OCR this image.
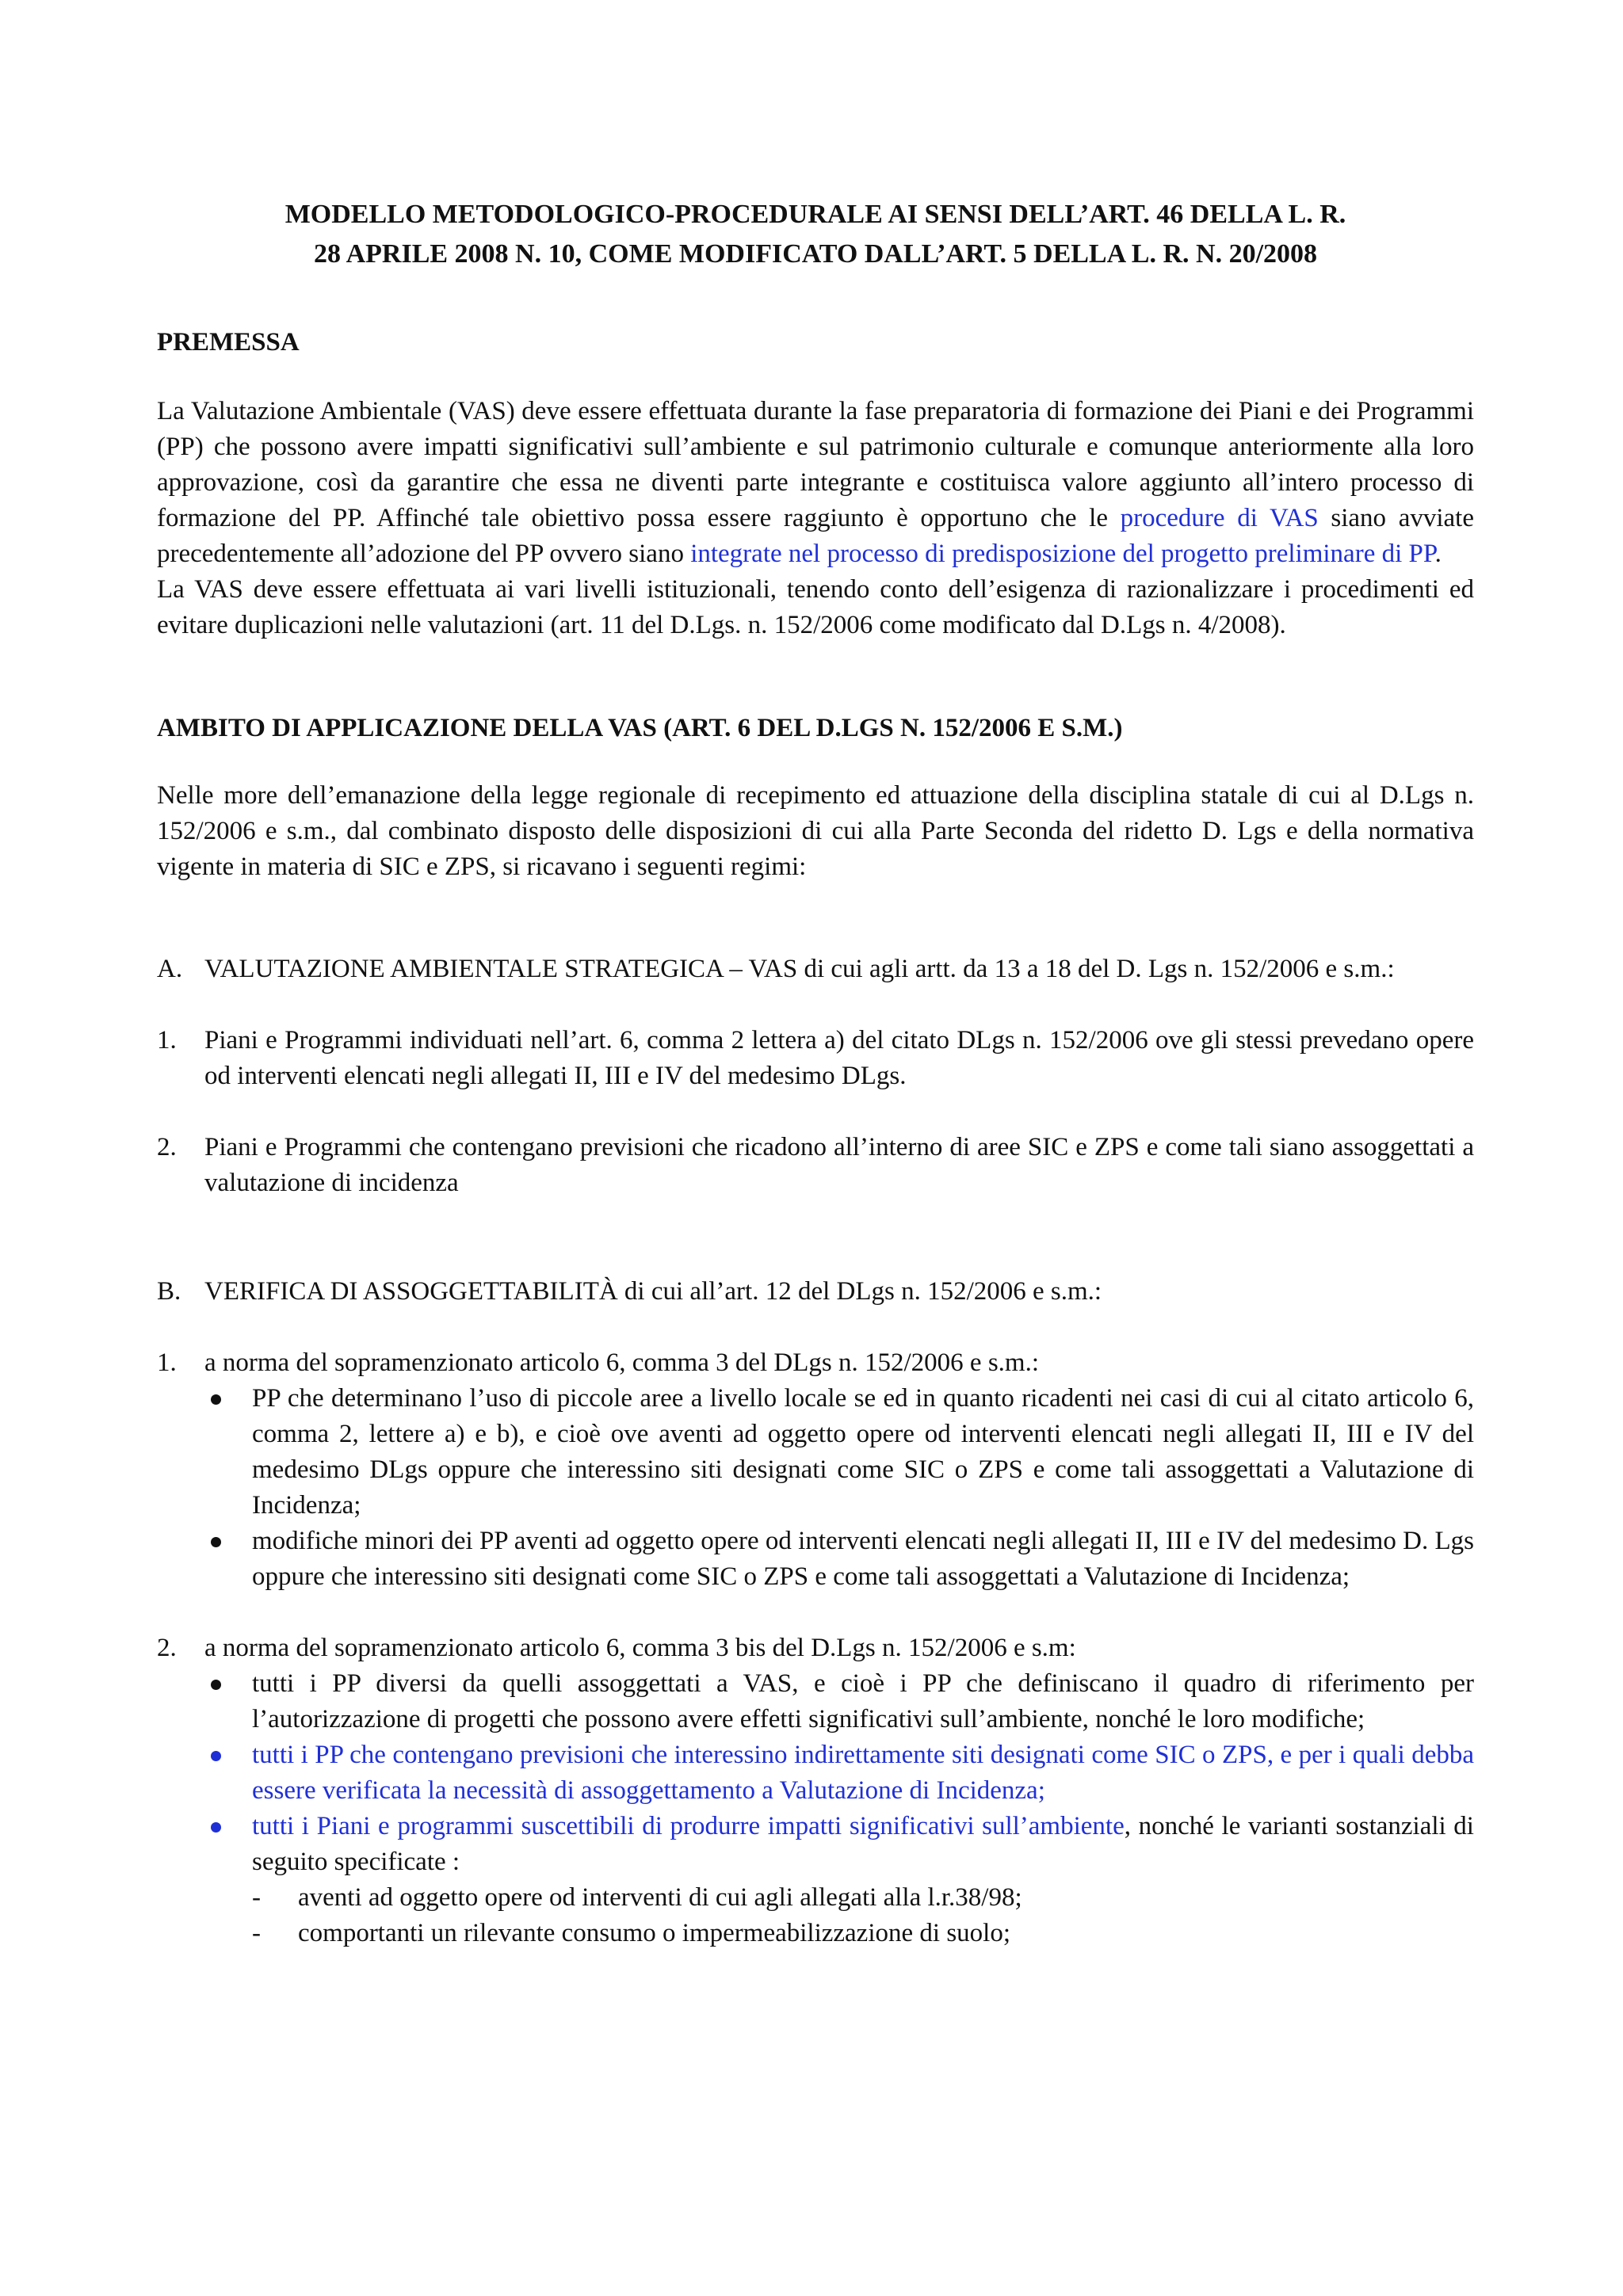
MODELLO METODOLOGICO-PROCEDURALE AI SENSI DELL’ART. 46 DELLA L. R.
28 APRILE 2008 N. 10, COME MODIFICATO DALL’ART. 5 DELLA L. R. N. 20/2008
PREMESSA

La Valutazione Ambientale (VAS) deve essere effettuata durante la fase preparatoria di formazione dei Piani e dei Programmi (PP) che possono avere impatti significativi sull’ambiente e sul patrimonio culturale e comunque anteriormente alla loro approvazione, così da garantire che essa ne diventi parte integrante e costituisca valore aggiunto all’intero processo di formazione del PP. Affinché tale obiettivo possa essere raggiunto è opportuno che le procedure di VAS siano avviate precedentemente all’adozione del PP ovvero siano integrate nel processo di predisposizione del progetto preliminare di PP.

La VAS deve essere effettuata ai vari livelli istituzionali, tenendo conto dell’esigenza di razionalizzare i procedimenti ed evitare duplicazioni nelle valutazioni (art. 11 del D.Lgs. n. 152/2006 come modificato dal D.Lgs n. 4/2008).

AMBITO DI APPLICAZIONE DELLA VAS (ART. 6 DEL D.LGS N. 152/2006 E S.M.)

Nelle more dell’emanazione della legge regionale di recepimento ed attuazione della disciplina statale di cui al D.Lgs n. 152/2006 e s.m., dal combinato disposto delle disposizioni di cui alla Parte Seconda del ridetto D. Lgs e della normativa vigente in materia di SIC e ZPS, si ricavano i seguenti regimi:

A. VALUTAZIONE AMBIENTALE STRATEGICA – VAS di cui agli artt. da 13 a 18 del D. Lgs n. 152/2006 e s.m.:

1. Piani e Programmi individuati nell’art. 6, comma 2 lettera a) del citato DLgs n. 152/2006 ove gli stessi prevedano opere od interventi elencati negli allegati II, III e IV del medesimo DLgs.

2. Piani e Programmi che contengano previsioni che ricadono all’interno di aree SIC e ZPS e come tali siano assoggettati a valutazione di incidenza

B. VERIFICA DI ASSOGGETTABILITÀ di cui all’art. 12 del DLgs n. 152/2006 e s.m.:

1. a norma del sopramenzionato articolo 6, comma 3 del DLgs n. 152/2006 e s.m.:

PP che determinano l’uso di piccole aree a livello locale se ed in quanto ricadenti nei casi di cui al citato articolo 6, comma 2, lettere a) e b), e cioè ove aventi ad oggetto opere od interventi elencati negli allegati II, III e IV del medesimo DLgs oppure che interessino siti designati come SIC o ZPS e come tali assoggettati a Valutazione di Incidenza;
modifiche minori dei PP aventi ad oggetto opere od interventi elencati negli allegati II, III e IV del medesimo D. Lgs oppure che interessino siti designati come SIC o ZPS e come tali assoggettati a Valutazione di Incidenza;
2. a norma del sopramenzionato articolo 6, comma 3 bis del D.Lgs n. 152/2006 e s.m:

tutti i PP diversi da quelli assoggettati a VAS, e cioè i PP che definiscano il quadro di riferimento per l’autorizzazione di progetti che possono avere effetti significativi sull’ambiente, nonché le loro modifiche;
tutti i PP che contengano previsioni che interessino indirettamente siti designati come SIC o ZPS, e per i quali debba essere verificata la necessità di assoggettamento a Valutazione di Incidenza;
tutti i Piani e programmi suscettibili di produrre impatti significativi sull’ambiente, nonché le varianti sostanziali di seguito specificate :
- aventi ad oggetto opere od interventi di cui agli allegati alla l.r.38/98;
- comportanti un rilevante consumo o impermeabilizzazione di suolo;
